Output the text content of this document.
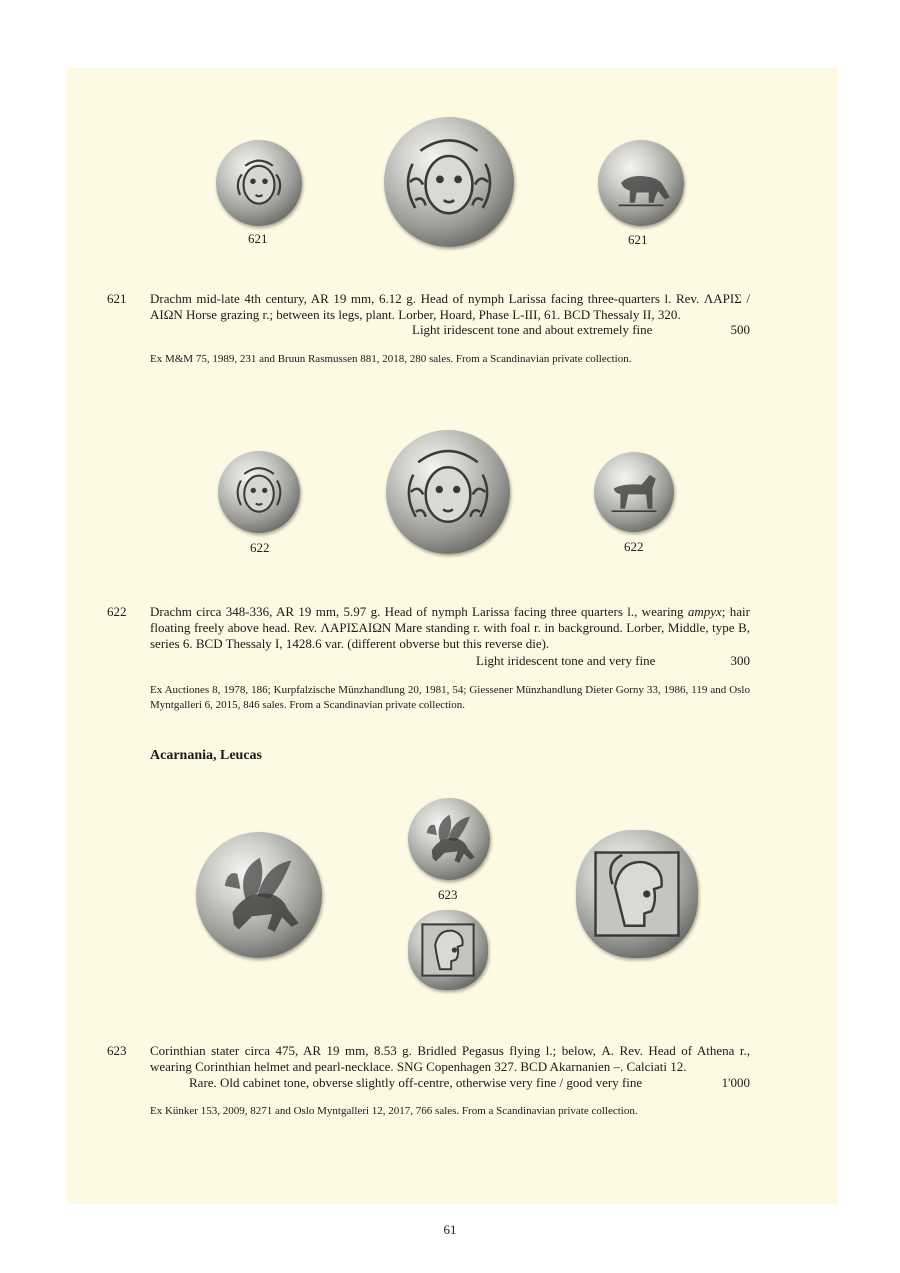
621	621
621 Drachm mid-late 4th century, AR 19 mm, 6.12 g. Head of nymph Larissa facing three-quarters l. Rev. ΛΑΡΙΣ / ΑΙΩΝ Horse grazing r.; between its legs, plant. Lorber, Hoard, Phase L-III, 61. BCD Thessaly II, 320.
Light iridescent tone and about extremely fine	500
Ex M&M 75, 1989, 231 and Bruun Rasmussen 881, 2018, 280 sales. From a Scandinavian private collection.
622	622
622 Drachm circa 348-336, AR 19 mm, 5.97 g. Head of nymph Larissa facing three quarters l., wearing ampyx; hair floating freely above head. Rev. ΛΑΡΙΣΑΙΩΝ Mare standing r. with foal r. in background. Lorber, Middle, type B, series 6. BCD Thessaly I, 1428.6 var. (different obverse but this reverse die).
Light iridescent tone and very fine	300
Ex Auctiones 8, 1978, 186; Kurpfalzische Münzhandlung 20, 1981, 54; Giessener Münzhandlung Dieter Gorny 33, 1986, 119 and Oslo Myntgalleri 6, 2015, 846 sales. From a Scandinavian private collection.
Acarnania, Leucas
623
623 Corinthian stater circa 475, AR 19 mm, 8.53 g. Bridled Pegasus flying l.; below, Α. Rev. Head of Athena r., wearing Corinthian helmet and pearl-necklace. SNG Copenhagen 327. BCD Akarnanien –. Calciati 12.
Rare. Old cabinet tone, obverse slightly off-centre, otherwise very fine / good very fine	1'000
Ex Künker 153, 2009, 8271 and Oslo Myntgalleri 12, 2017, 766 sales. From a Scandinavian private collection.
61
